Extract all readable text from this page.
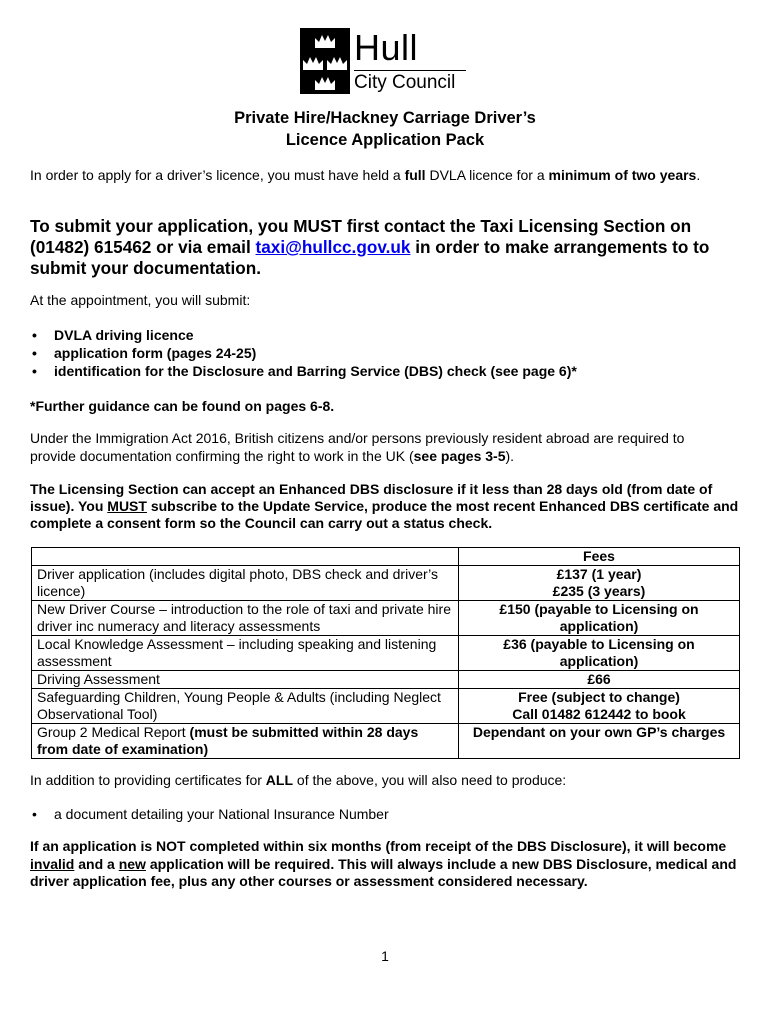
Hull
City Council
Private Hire/Hackney Carriage Driver’s
Licence Application Pack
In order to apply for a driver’s licence, you must have held a full DVLA licence for a minimum of two years.
To submit your application, you MUST first contact the Taxi Licensing Section on (01482) 615462 or via email taxi@hullcc.gov.uk in order to make arrangements to to submit your documentation.
At the appointment, you will submit:
• DVLA driving licence
• application form (pages 24-25)
• identification for the Disclosure and Barring Service (DBS) check (see page 6)*
*Further guidance can be found on pages 6-8.
Under the Immigration Act 2016, British citizens and/or persons previously resident abroad are required to provide documentation confirming the right to work in the UK (see pages 3-5).
The Licensing Section can accept an Enhanced DBS disclosure if it less than 28 days old (from date of issue). You MUST subscribe to the Update Service, produce the most recent Enhanced DBS certificate and complete a consent form so the Council can carry out a status check.
	Fees
Driver application (includes digital photo, DBS check and driver’s licence)	£137 (1 year)
£235 (3 years)

New Driver Course – introduction to the role of taxi and private hire driver inc numeracy and literacy assessments	£150 (payable to Licensing on application)
Local Knowledge Assessment – including speaking and listening assessment	£36 (payable to Licensing on application)
Driving Assessment	£66
Safeguarding Children, Young People & Adults (including Neglect Observational Tool)	Free (subject to change)
Call 01482 612442 to book

Group 2 Medical Report (must be submitted within 28 days from date of examination)	Dependant on your own GP’s charges
In addition to providing certificates for ALL of the above, you will also need to produce:
• a document detailing your National Insurance Number
If an application is NOT completed within six months (from receipt of the DBS Disclosure), it will become invalid and a new application will be required. This will always include a new DBS Disclosure, medical and driver application fee, plus any other courses or assessment considered necessary.
1
